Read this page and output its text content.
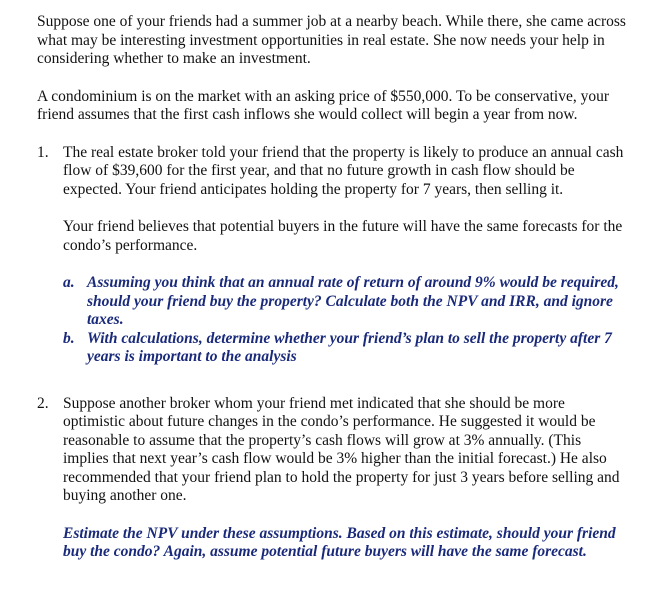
Suppose one of your friends had a summer job at a nearby beach. While there, she came across what may be interesting investment opportunities in real estate. She now needs your help in considering whether to make an investment.

A condominium is on the market with an asking price of $550,000. To be conservative, your friend assumes that the first cash inflows she would collect will begin a year from now.

1. The real estate broker told your friend that the property is likely to produce an annual cash flow of $39,600 for the first year, and that no future growth in cash flow should be expected. Your friend anticipates holding the property for 7 years, then selling it.

Your friend believes that potential buyers in the future will have the same forecasts for the condo’s performance.

a. Assuming you think that an annual rate of return of around 9% would be required, should your friend buy the property? Calculate both the NPV and IRR, and ignore taxes.
b. With calculations, determine whether your friend’s plan to sell the property after 7 years is important to the analysis
2. Suppose another broker whom your friend met indicated that she should be more optimistic about future changes in the condo’s performance. He suggested it would be reasonable to assume that the property’s cash flows will grow at 3% annually. (This implies that next year’s cash flow would be 3% higher than the initial forecast.) He also recommended that your friend plan to hold the property for just 3 years before selling and buying another one.

Estimate the NPV under these assumptions. Based on this estimate, should your friend buy the condo? Again, assume potential future buyers will have the same forecast.
